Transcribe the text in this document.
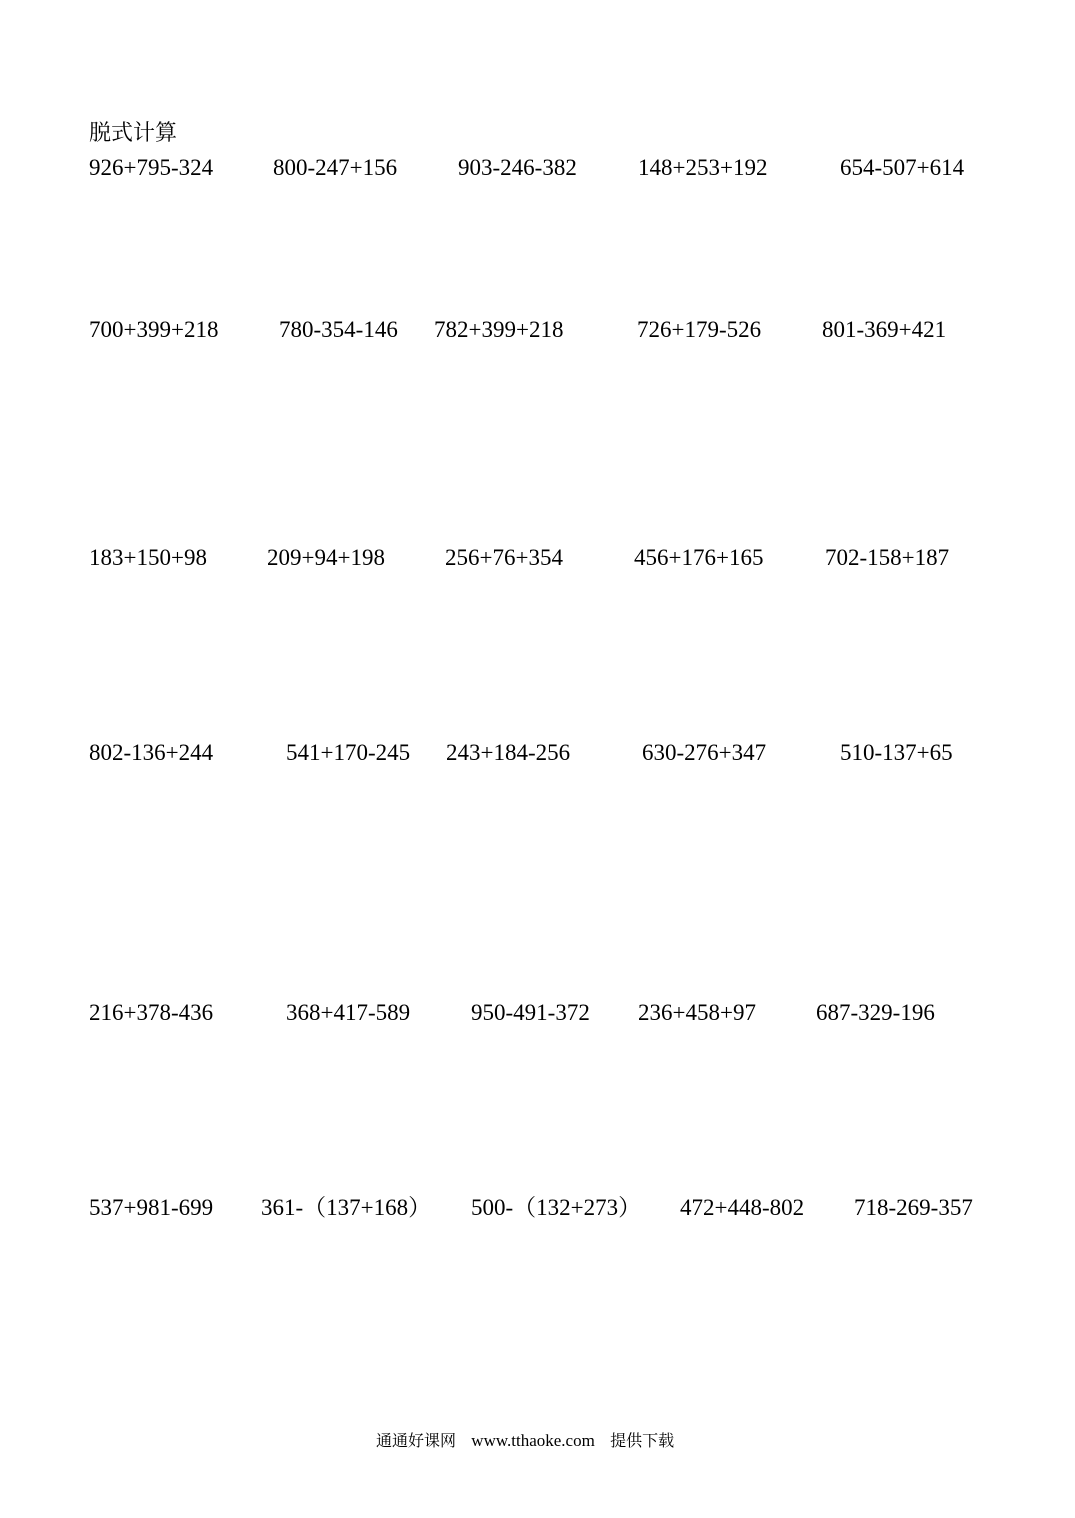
脱式计算
926+795-324	800-247+156	903-246-382	148+253+192	654-507+614
700+399+218	780-354-146 782+399+218	726+179-526	801-369+421
183+150+98	209+94+198	256+76+354	456+176+165	702-158+187
802-136+244	541+170-245 243+184-256	630-276+347	510-137+65
216+378-436	368+417-589	950-491-372 236+458+97	687-329-196
537+981-699 361-（137+168） 500-（132+273） 472+448-802 718-269-357
通通好课网 www.tthaoke.com 提供下载
